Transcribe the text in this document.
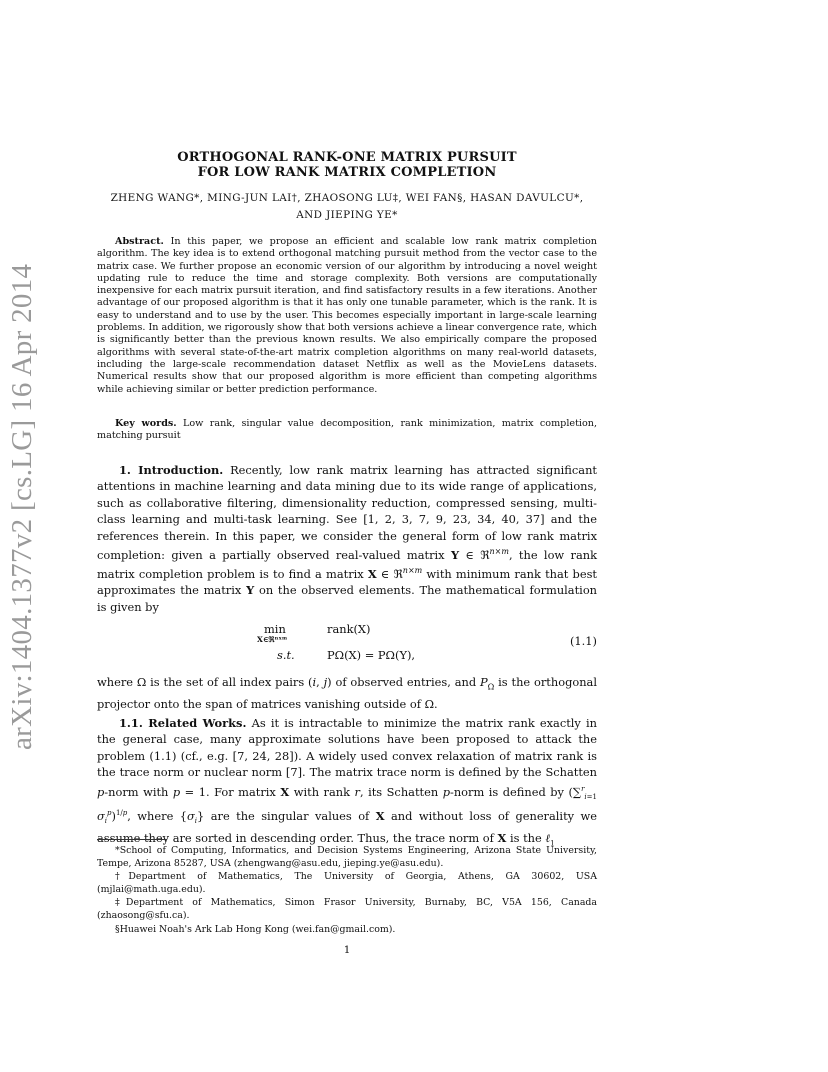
arXiv:1404.1377v2 [cs.LG] 16 Apr 2014
ORTHOGONAL RANK-ONE MATRIX PURSUIT
FOR LOW RANK MATRIX COMPLETION
ZHENG WANG*, MING-JUN LAI†, ZHAOSONG LU‡, WEI FAN§, HASAN DAVULCU*,
AND JIEPING YE*

Abstract. In this paper, we propose an efficient and scalable low rank matrix completion algorithm. The key idea is to extend orthogonal matching pursuit method from the vector case to the matrix case. We further propose an economic version of our algorithm by introducing a novel weight updating rule to reduce the time and storage complexity. Both versions are computationally inexpensive for each matrix pursuit iteration, and find satisfactory results in a few iterations. Another advantage of our proposed algorithm is that it has only one tunable parameter, which is the rank. It is easy to understand and to use by the user. This becomes especially important in large-scale learning problems. In addition, we rigorously show that both versions achieve a linear convergence rate, which is significantly better than the previous known results. We also empirically compare the proposed algorithms with several state-of-the-art matrix completion algorithms on many real-world datasets, including the large-scale recommendation dataset Netflix as well as the MovieLens datasets. Numerical results show that our proposed algorithm is more efficient than competing algorithms while achieving similar or better prediction performance.

Key words. Low rank, singular value decomposition, rank minimization, matrix completion, matching pursuit

1. Introduction. Recently, low rank matrix learning has attracted significant attentions in machine learning and data mining due to its wide range of applications, such as collaborative filtering, dimensionality reduction, compressed sensing, multi-class learning and multi-task learning. See [1, 2, 3, 7, 9, 23, 34, 40, 37] and the references therein. In this paper, we consider the general form of low rank matrix completion: given a partially observed real-valued matrix Y ∈ ℜ$^{n\times m}$, the low rank matrix completion problem is to find a matrix X ∈ ℜ$^{n\times m}$ with minimum rank that best approximates the matrix Y on the observed elements. The mathematical formulation is given by

min
X∈ℜⁿˣᵐ
s.t.
rank(X)
PΩ(X) = PΩ(Y),
(1.1)

where Ω is the set of all index pairs (i, j) of observed entries, and $P_\Omega$ is the orthogonal projector onto the span of matrices vanishing outside of Ω.

1.1. Related Works. As it is intractable to minimize the matrix rank exactly in the general case, many approximate solutions have been proposed to attack the problem (1.1) (cf., e.g. [7, 24, 28]). A widely used convex relaxation of matrix rank is the trace norm or nuclear norm [7]. The matrix trace norm is defined by the Schatten p-norm with p = 1. For matrix X with rank r, its Schatten p-norm is defined by (∑$^r_{i=1}$ $\sigma_i^p)^{1/p}$, where $\{\sigma_i\}$ are the singular values of X and without loss of generality we assume they are sorted in descending order. Thus, the trace norm of X is the ℓ$_1$

*School of Computing, Informatics, and Decision Systems Engineering, Arizona State University, Tempe, Arizona 85287, USA (zhengwang@asu.edu, jieping.ye@asu.edu).

†Department of Mathematics, The University of Georgia, Athens, GA 30602, USA (mjlai@math.uga.edu).

‡Department of Mathematics, Simon Frasor University, Burnaby, BC, V5A 156, Canada (zhaosong@sfu.ca).

§Huawei Noah's Ark Lab Hong Kong (wei.fan@gmail.com).

1
